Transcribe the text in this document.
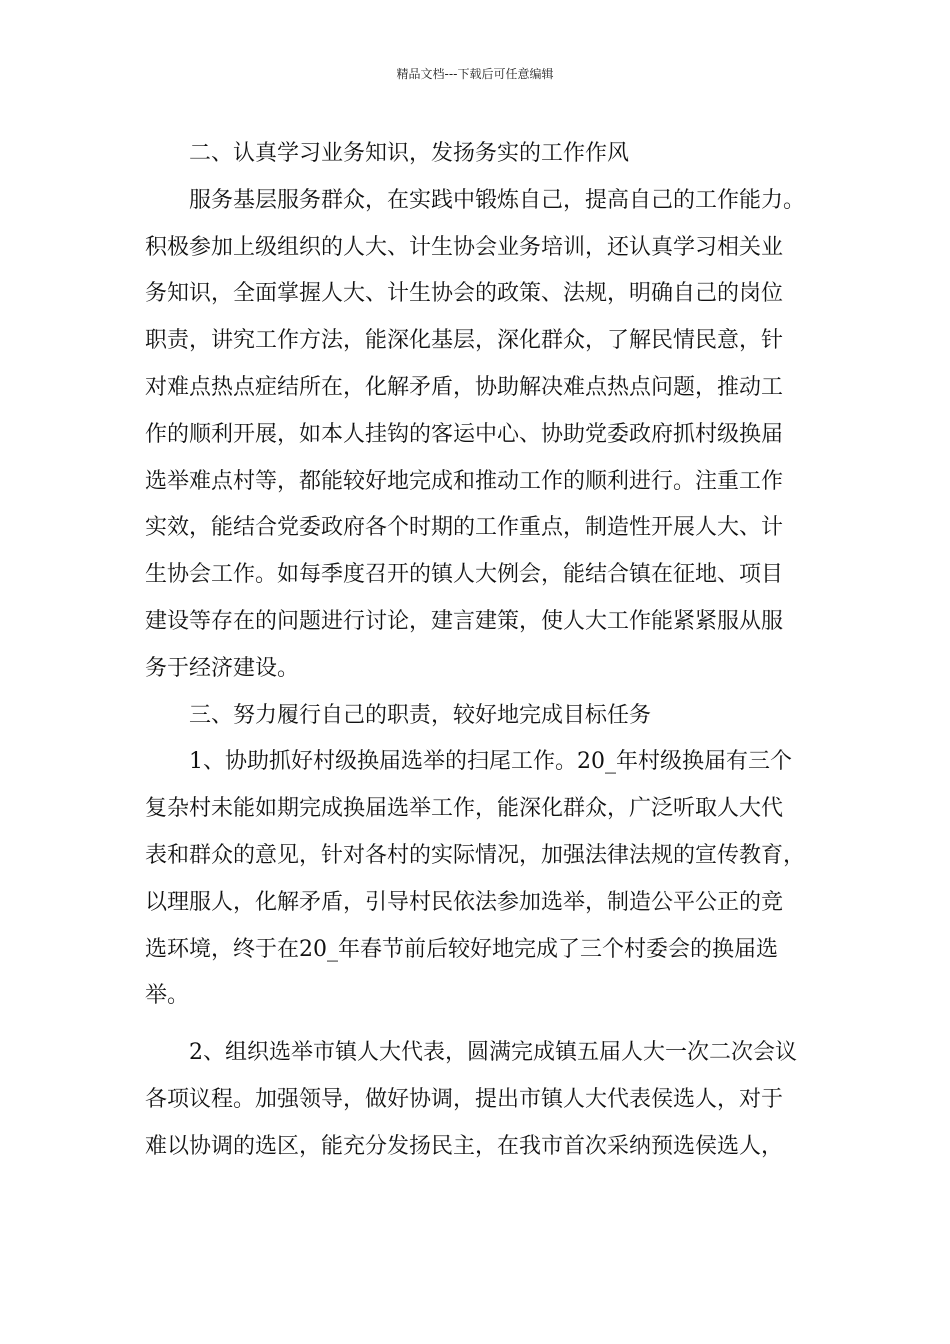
精品文档---下载后可任意编辑
二、认真学习业务知识，发扬务实的工作作风
服务基层服务群众，在实践中锻炼自己，提高自己的工作能力。
积极参加上级组织的人大、计生协会业务培训，还认真学习相关业
务知识，全面掌握人大、计生协会的政策、法规，明确自己的岗位
职责，讲究工作方法，能深化基层，深化群众，了解民情民意，针
对难点热点症结所在，化解矛盾，协助解决难点热点问题，推动工
作的顺利开展，如本人挂钩的客运中心、协助党委政府抓村级换届
选举难点村等，都能较好地完成和推动工作的顺利进行。注重工作
实效，能结合党委政府各个时期的工作重点，制造性开展人大、计
生协会工作。如每季度召开的镇人大例会，能结合镇在征地、项目
建设等存在的问题进行讨论，建言建策，使人大工作能紧紧服从服
务于经济建设。
三、努力履行自己的职责，较好地完成目标任务
1、协助抓好村级换届选举的扫尾工作。20_年村级换届有三个
复杂村未能如期完成换届选举工作，能深化群众，广泛听取人大代
表和群众的意见，针对各村的实际情况，加强法律法规的宣传教育，
以理服人，化解矛盾，引导村民依法参加选举，制造公平公正的竞
选环境，终于在20_年春节前后较好地完成了三个村委会的换届选
举。
2、组织选举市镇人大代表，圆满完成镇五届人大一次二次会议
各项议程。加强领导，做好协调，提出市镇人大代表侯选人，对于
难以协调的选区，能充分发扬民主，在我市首次采纳预选侯选人，
